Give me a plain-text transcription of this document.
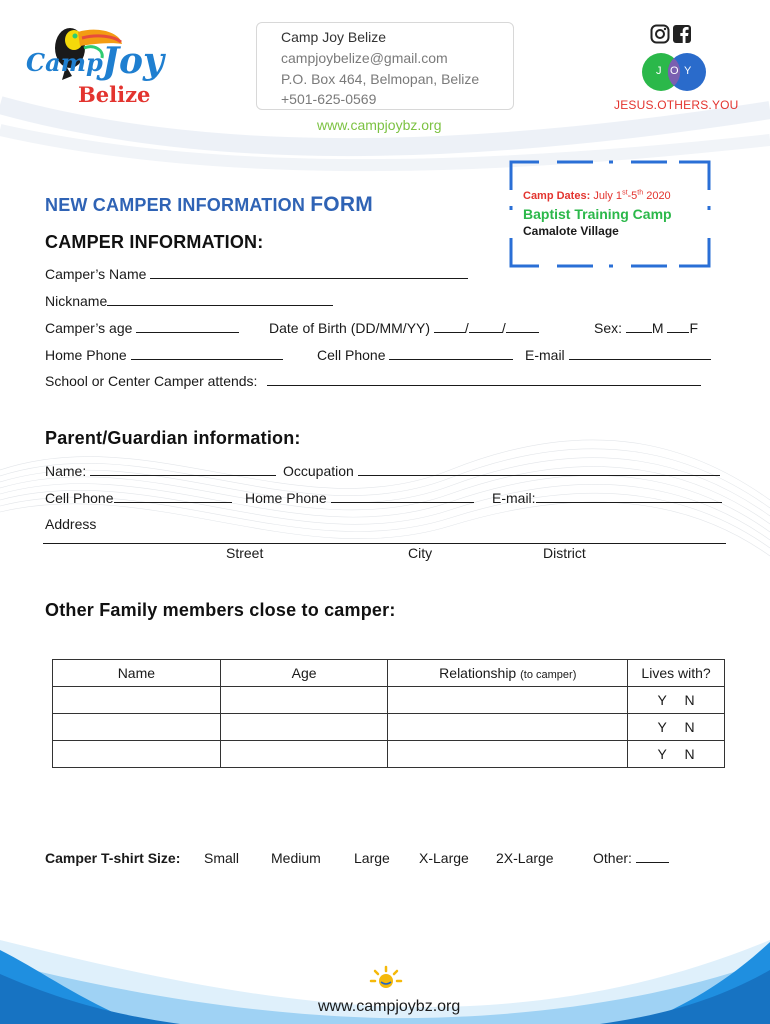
Camp Joy
Belize
Camp Joy Belize
campjoybelize@gmail.com
P.O. Box 464, Belmopan, Belize
+501-625-0569
www.campjoybz.org
J O Y
JESUS.OTHERS.YOU
Camp Dates: July 1st-5th 2020
Baptist Training Camp
Camalote Village
NEW CAMPER INFORMATION FORM
CAMPER INFORMATION:
Camper’s Name
Nickname
Camper’s age	Date of Birth (DD/MM/YY) / /	Sex: M F
Home Phone	Cell Phone	E-mail
School or Center Camper attends:
Parent/Guardian information:
Name:	Occupation
Cell Phone	Home Phone	E-mail:
Address
Street	City	District
Other Family members close to camper:
Name	Age	Relationship (to camper)	Lives with?
			Y N
			Y N
			Y N
Camper T-shirt Size: Small Medium Large X-Large 2X-Large	Other:
www.campjoybz.org
